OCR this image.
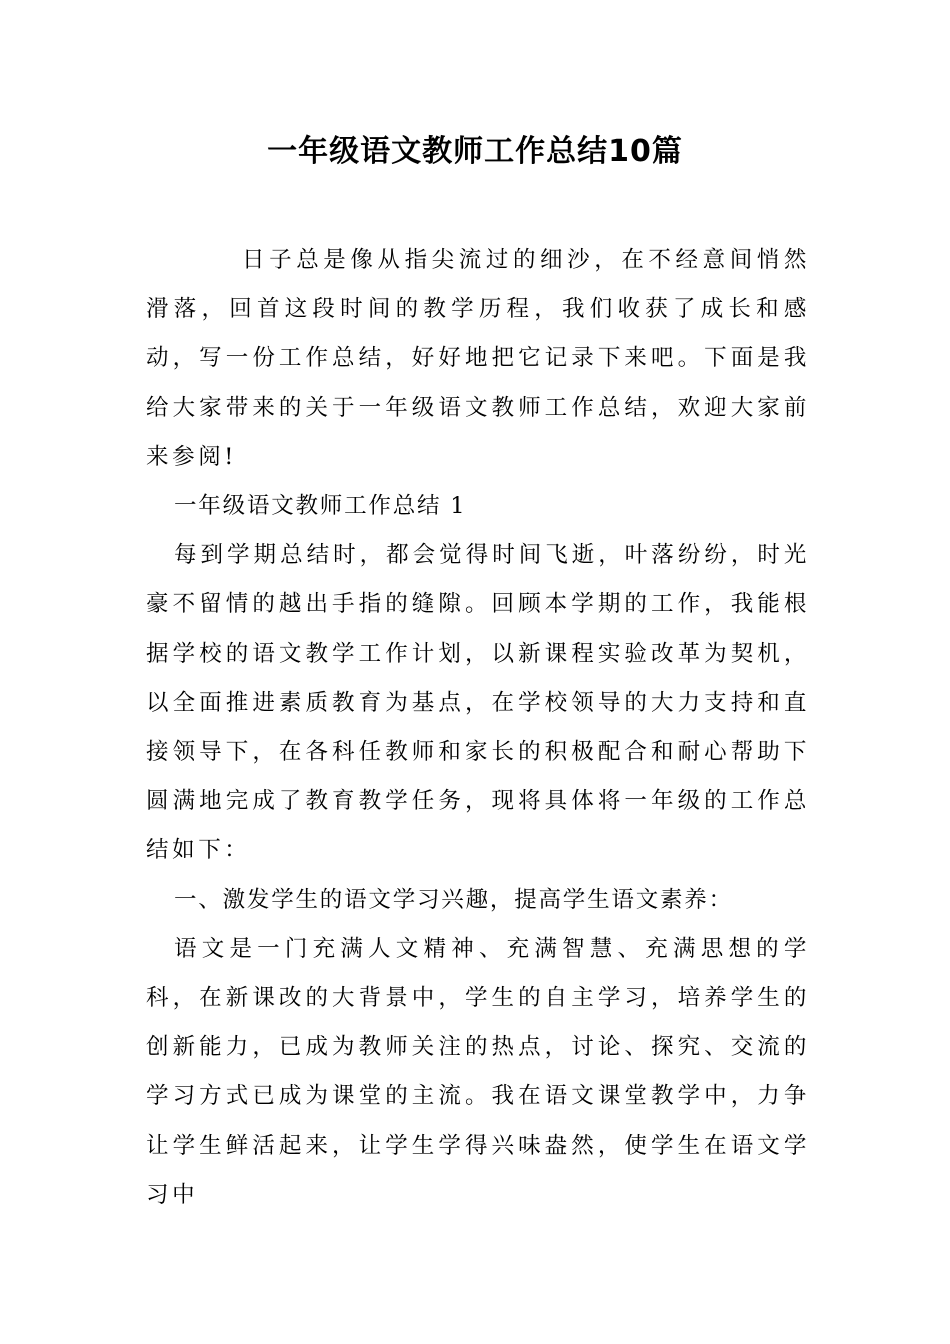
一年级语文教师工作总结10篇

日子总是像从指尖流过的细沙，在不经意间悄然滑落，回首这段时间的教学历程，我们收获了成长和感动，写一份工作总结，好好地把它记录下来吧。下面是我给大家带来的关于一年级语文教师工作总结，欢迎大家前来参阅!

一年级语文教师工作总结 1

每到学期总结时，都会觉得时间飞逝，叶落纷纷，时光豪不留情的越出手指的缝隙。回顾本学期的工作，我能根据学校的语文教学工作计划，以新课程实验改革为契机，以全面推进素质教育为基点，在学校领导的大力支持和直接领导下，在各科任教师和家长的积极配合和耐心帮助下圆满地完成了教育教学任务，现将具体将一年级的工作总结如下：

一、激发学生的语文学习兴趣，提高学生语文素养：

语文是一门充满人文精神、充满智慧、充满思想的学科，在新课改的大背景中，学生的自主学习，培养学生的创新能力，已成为教师关注的热点，讨论、探究、交流的学习方式已成为课堂的主流。我在语文课堂教学中，力争让学生鲜活起来，让学生学得兴味盎然，使学生在语文学习中
